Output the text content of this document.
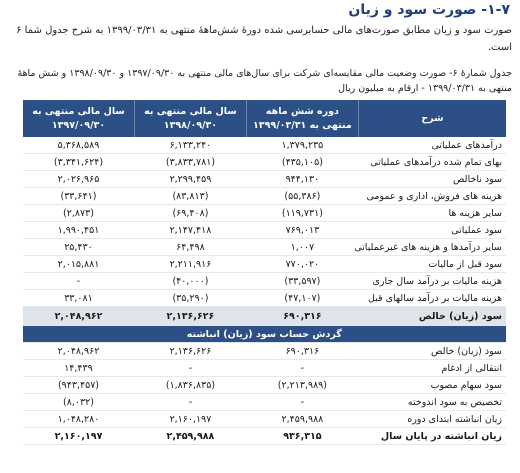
۱-۷- صورت سود و زیان
صورت سود و زیان مطابق صورت‌های مالی حسابرسی شده دورۀ شش‌ماهۀ منتهی به ۱۳۹۹/۰۳/۳۱ به شرح جدول شما ۶ است.
جدول شمارۀ ۶- صورت وضعیت مالی مقایسه‌ای شرکت برای سال‌های مالی منتهی به ۱۳۹۷/۰۹/۳۰ و ۱۳۹۸/۰۹/۳۰ و شش ماهۀ منتهی به ۱۳۹۹/۰۳/۳۱ - ارقام به میلیون ریال
شرح	دوره شش ماهه منتهی به ۱۳۹۹/۰۳/۳۱	سال مالی منتهی به ۱۳۹۸/۰۹/۳۰	سال مالی منتهی به ۱۳۹۷/۰۹/۳۰
درآمدهای عملیاتی	۱,۳۷۹,۲۳۵	۶,۱۳۳,۲۴۰	۵,۳۶۸,۵۸۹
بهای تمام شده درآمدهای عملیاتی	(۴۳۵,۱۰۵)	(۳,۸۳۳,۷۸۱)	(۳,۳۴۱,۶۲۴)
سود ناخالص	۹۴۴,۱۳۰	۲,۲۹۹,۴۵۹	۲,۰۲۶,۹۶۵
هزینه های فروش، اداری و عمومی	(۵۵,۳۸۶)	(۸۳,۸۱۳)	(۳۳,۶۴۱)
سایر هزینه ها	(۱۱۹,۷۳۱)	(۶۹,۴۰۸)	(۲,۸۷۳)
سود عملیاتی	۷۶۹,۰۱۳	۲,۱۴۷,۴۱۸	۱,۹۹۰,۴۵۱
سایر درآمدها و هزینه های غیرعملیاتی	۱,۰۰۷	۶۴,۴۹۸	۲۵,۴۳۰
سود قبل از مالیات	۷۷۰,۰۲۰	۲,۲۱۱,۹۱۶	۲,۰۱۵,۸۸۱
هزینه مالیات بر درآمد سال جاری	(۳۳,۵۹۷)	(۴۰,۰۰۰)	-
هزینه مالیات بر درآمد سالهای قبل	(۴۷,۱۰۷)	(۳۵,۲۹۰)	۳۳,۰۸۱
سود (زیان) خالص	۶۹۰,۳۱۶	۲,۱۳۶,۶۲۶	۲,۰۴۸,۹۶۲
گردش حساب سود (زیان) انباشته			
سود (زیان) خالص	۶۹۰,۳۱۶	۲,۱۳۶,۶۲۶	۲,۰۴۸,۹۶۲
انتقالی از ادغام	-	-	۱۴,۴۳۹
سود سهام مصوب	(۲,۲۱۳,۹۸۹)	(۱,۸۳۶,۸۳۵)	(۹۴۳,۴۵۷)
تخصیص به سود اندوخته	-	-	(۸,۰۳۲)
زیان انباشته ابتدای دوره	۲,۴۵۹,۹۸۸	۲,۱۶۰,۱۹۷	۱,۰۴۸,۲۸۰
زیان انباشته در پایان سال	۹۳۶,۳۱۵	۲,۴۵۹,۹۸۸	۲,۱۶۰,۱۹۷
